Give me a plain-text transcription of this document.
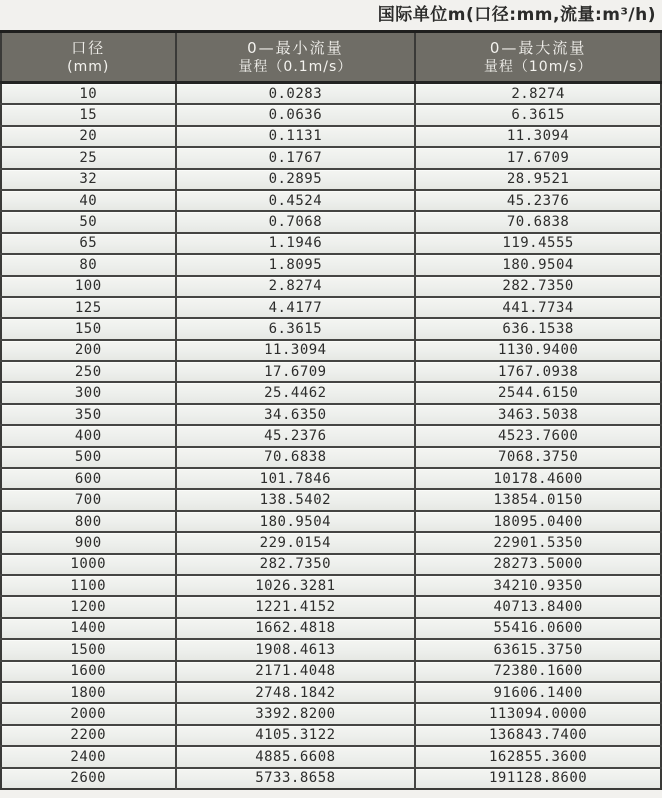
国际单位m(口径:mm,流量:m³/h)
口径
(mm)

0—最小流量
量程（0.1m/s）

0—最大流量
量程（10m/s）

10	0.0283	2.8274
15	0.0636	6.3615
20	0.1131	11.3094
25	0.1767	17.6709
32	0.2895	28.9521
40	0.4524	45.2376
50	0.7068	70.6838
65	1.1946	119.4555
80	1.8095	180.9504
100	2.8274	282.7350
125	4.4177	441.7734
150	6.3615	636.1538
200	11.3094	1130.9400
250	17.6709	1767.0938
300	25.4462	2544.6150
350	34.6350	3463.5038
400	45.2376	4523.7600
500	70.6838	7068.3750
600	101.7846	10178.4600
700	138.5402	13854.0150
800	180.9504	18095.0400
900	229.0154	22901.5350
1000	282.7350	28273.5000
1100	1026.3281	34210.9350
1200	1221.4152	40713.8400
1400	1662.4818	55416.0600
1500	1908.4613	63615.3750
1600	2171.4048	72380.1600
1800	2748.1842	91606.1400
2000	3392.8200	113094.0000
2200	4105.3122	136843.7400
2400	4885.6608	162855.3600
2600	5733.8658	191128.8600
